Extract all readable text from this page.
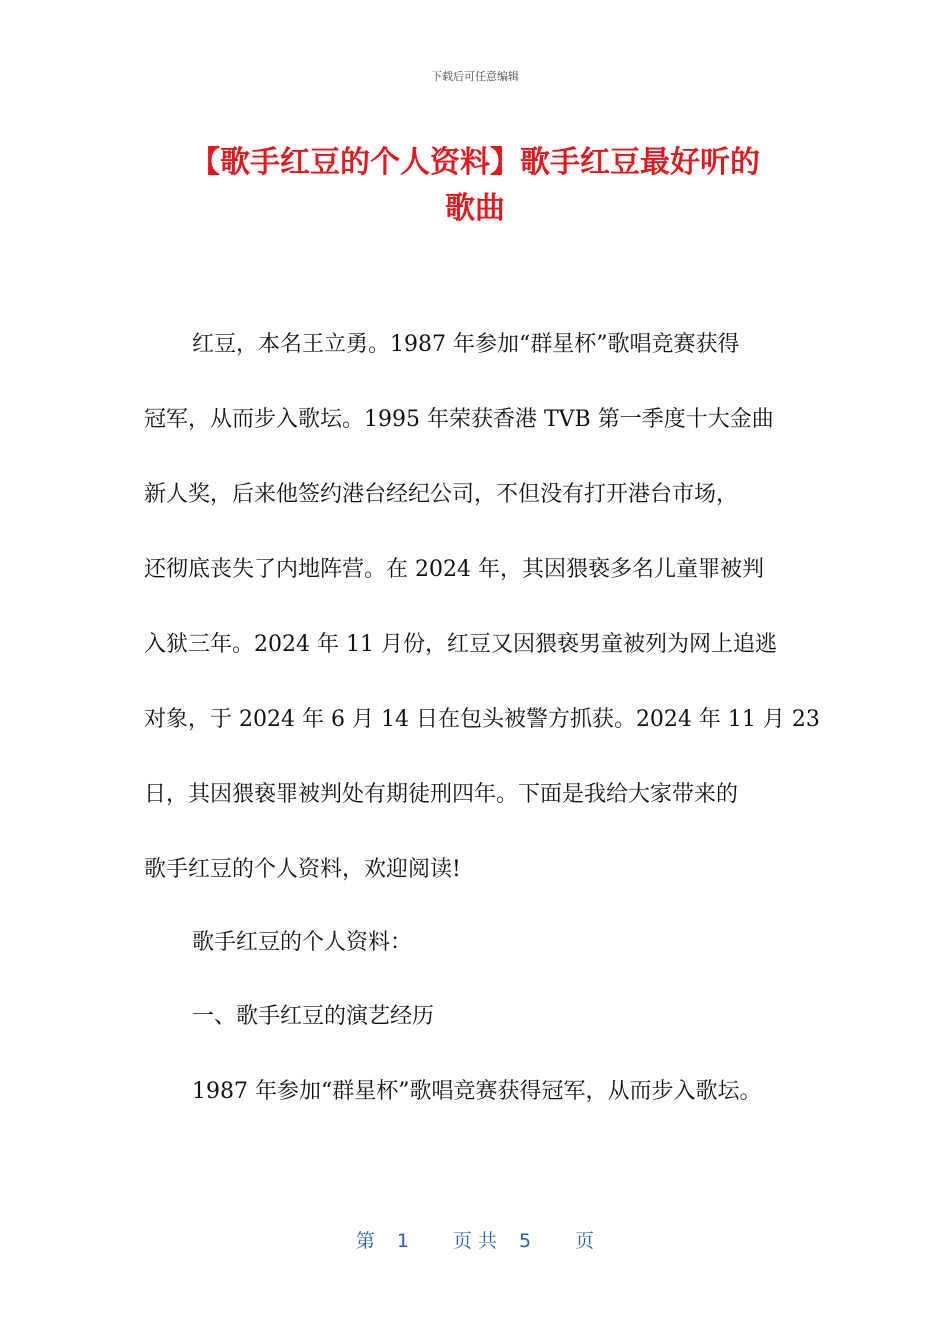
下载后可任意编辑
【歌手红豆的个人资料】歌手红豆最好听的
歌曲
红豆，本名王立勇。1987 年参加“群星杯”歌唱竞赛获得
冠军，从而步入歌坛。1995 年荣获香港 TVB 第一季度十大金曲
新人奖，后来他签约港台经纪公司，不但没有打开港台市场，
还彻底丧失了内地阵营。在 2024 年，其因猥亵多名儿童罪被判
入狱三年。2024 年 11 月份，红豆又因猥亵男童被列为网上追逃
对象，于 2024 年 6 月 14 日在包头被警方抓获。2024 年 11 月 23
日，其因猥亵罪被判处有期徒刑四年。下面是我给大家带来的
歌手红豆的个人资料，欢迎阅读!
歌手红豆的个人资料：
一、歌手红豆的演艺经历
1987 年参加“群星杯”歌唱竞赛获得冠军，从而步入歌坛。
第 1 页 共 5 页
